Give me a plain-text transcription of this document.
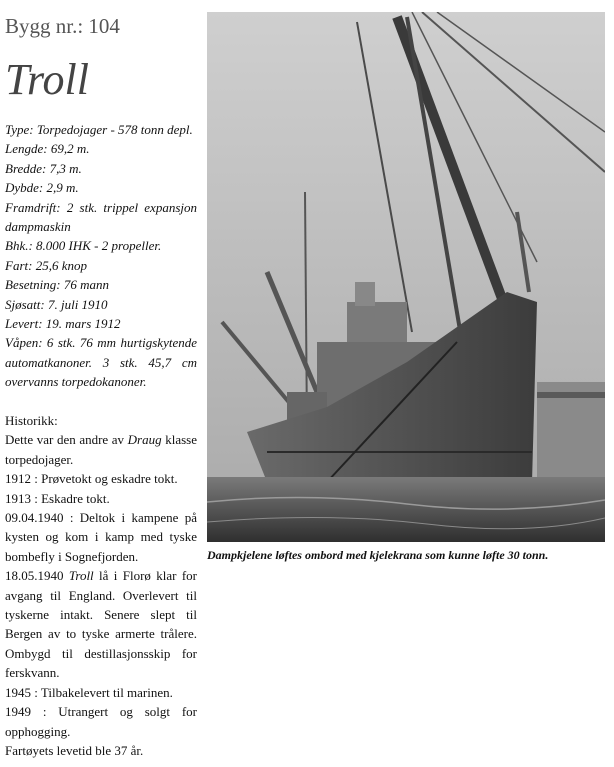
Bygg nr.: 104
Troll

Type: Torpedojager - 578 tonn depl.

Lengde: 69,2 m.

Bredde: 7,3 m.

Dybde: 2,9 m.

Framdrift: 2 stk. trippel expansjon dampmaskin

Bhk.: 8.000 IHK - 2 propeller.

Fart: 25,6 knop

Besetning: 76 mann

Sjøsatt: 7. juli 1910

Levert: 19. mars 1912

Våpen: 6 stk. 76 mm hurtigskytende automatkanoner. 3 stk. 45,7 cm overvanns torpedokanoner.

Historikk:

Dette var den andre av Draug klasse torpedojager.

1912 : Prøvetokt og eskadre tokt.

1913 : Eskadre tokt.

09.04.1940 : Deltok i kampene på kysten og kom i kamp med tyske bombefly i Sognefjorden.

18.05.1940 Troll lå i Florø klar for avgang til England. Overlevert til tyskerne intakt. Senere slept til Bergen av to tyske armerte trålere. Ombygd til destillasjonsskip for ferskvann.

1945 : Tilbakelevert til marinen.

1949 : Utrangert og solgt for opphogging.

Fartøyets levetid ble 37 år.

Dampkjelene løftes ombord med kjelekrana som kunne løfte 30 tonn.
